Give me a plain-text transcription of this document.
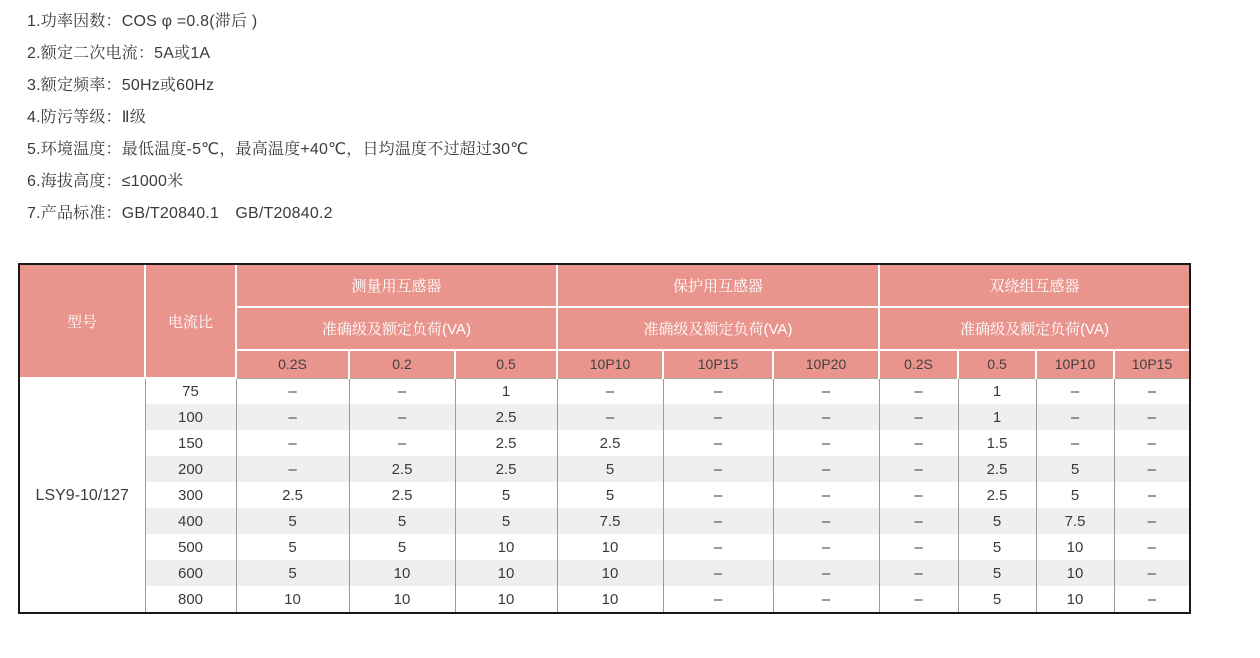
1.功率因数：COS φ =0.8(滞后 )
2.额定二次电流：5A或1A
3.额定频率：50Hz或60Hz
4.防污等级：Ⅱ级
5.环境温度：最低温度-5℃，最高温度+40℃，日均温度不过超过30℃
6.海拔高度：≤1000米
7.产品标准：GB/T20840.1　GB/T20840.2
型号	电流比	测量用互感器			保护用互感器			双绕组互感器			
		准确级及额定负荷(VA)			准确级及额定负荷(VA)			准确级及额定负荷(VA)			
		0.2S	0.2	0.5	10P10	10P15	10P20	0.2S	0.5	10P10	10P15
LSY9-10/127	75	–	–	1	–	–	–	–	1	–	–
	100	–	–	2.5	–	–	–	–	1	–	–
	150	–	–	2.5	2.5	–	–	–	1.5	–	–
	200	–	2.5	2.5	5	–	–	–	2.5	5	–
	300	2.5	2.5	5	5	–	–	–	2.5	5	–
	400	5	5	5	7.5	–	–	–	5	7.5	–
	500	5	5	10	10	–	–	–	5	10	–
	600	5	10	10	10	–	–	–	5	10	–
	800	10	10	10	10	–	–	–	5	10	–
